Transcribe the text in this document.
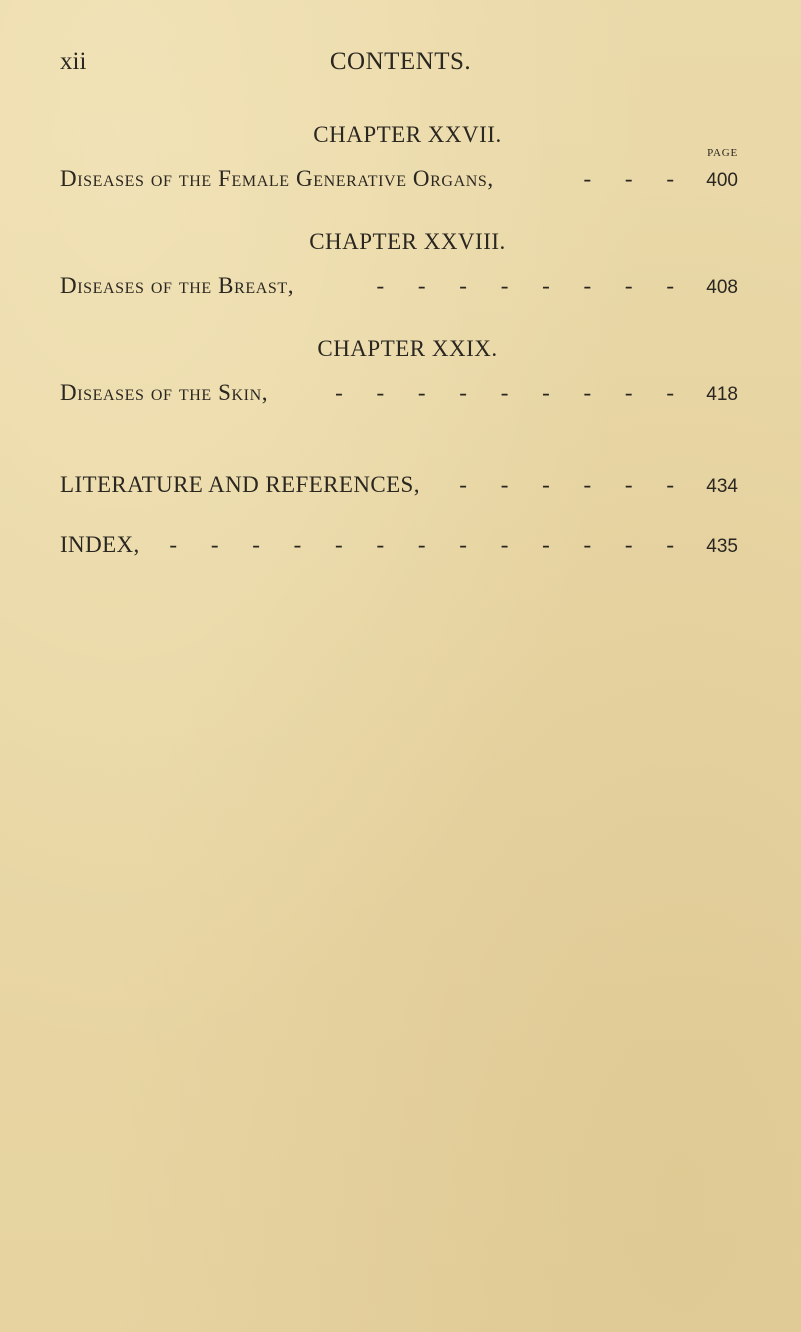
xii	CONTENTS.
CHAPTER XXVII.
PAGE
Diseases of the Female Generative Organs,	- - - 400
CHAPTER XXVIII.
Diseases of the Breast,	- - - - - - - - 408
CHAPTER XXIX.
Diseases of the Skin,	- - - - - - - - - 418
LITERATURE AND REFERENCES,	- - - - - - 434
INDEX,	- - - - - - - - - - - - - 435
